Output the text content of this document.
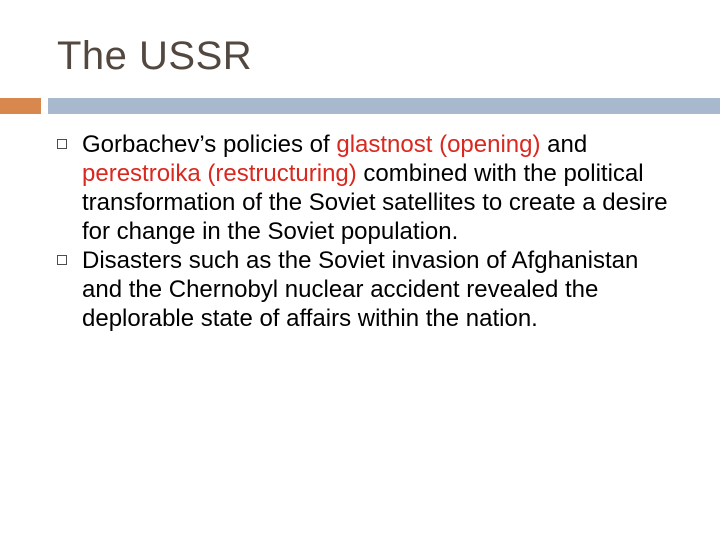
The USSR
Gorbachev’s policies of glastnost (opening) and perestroika (restructuring) combined with the political transformation of the Soviet satellites to create a desire for change in the Soviet population.
Disasters such as the Soviet invasion of Afghanistan and the Chernobyl nuclear accident revealed the deplorable state of affairs within the nation.
